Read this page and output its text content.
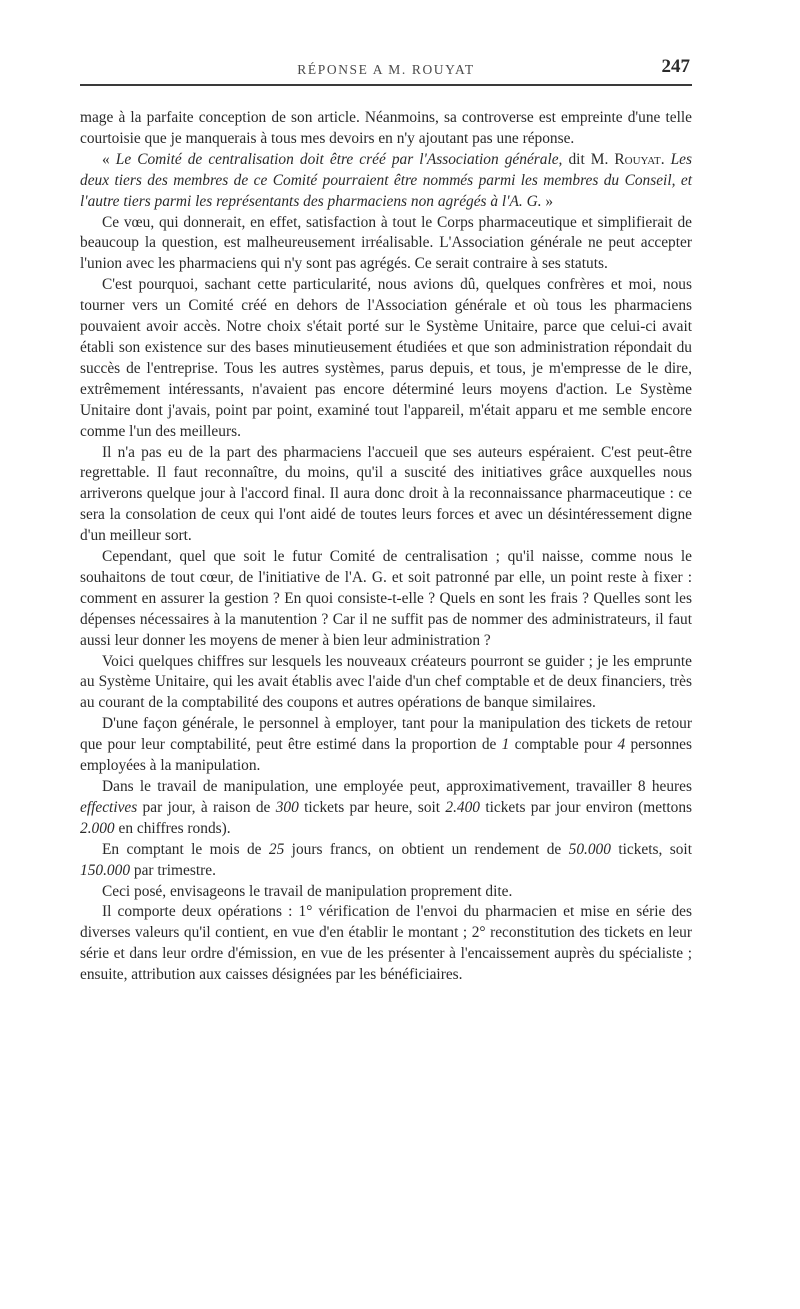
RÉPONSE A M. ROUYAT	247

mage à la parfaite conception de son article. Néanmoins, sa controverse est empreinte d'une telle courtoisie que je manquerais à tous mes devoirs en n'y ajoutant pas une réponse.

« Le Comité de centralisation doit être créé par l'Association générale, dit M. Rouyat. Les deux tiers des membres de ce Comité pourraient être nommés parmi les membres du Conseil, et l'autre tiers parmi les représentants des pharmaciens non agrégés à l'A. G. »

Ce vœu, qui donnerait, en effet, satisfaction à tout le Corps pharmaceutique et simplifierait de beaucoup la question, est malheureusement irréalisable. L'Association générale ne peut accepter l'union avec les pharmaciens qui n'y sont pas agrégés. Ce serait contraire à ses statuts.

C'est pourquoi, sachant cette particularité, nous avions dû, quelques confrères et moi, nous tourner vers un Comité créé en dehors de l'Association générale et où tous les pharmaciens pouvaient avoir accès. Notre choix s'était porté sur le Système Unitaire, parce que celui-ci avait établi son existence sur des bases minutieusement étudiées et que son administration répondait du succès de l'entreprise. Tous les autres systèmes, parus depuis, et tous, je m'empresse de le dire, extrêmement intéressants, n'avaient pas encore déterminé leurs moyens d'action. Le Système Unitaire dont j'avais, point par point, examiné tout l'appareil, m'était apparu et me semble encore comme l'un des meilleurs.

Il n'a pas eu de la part des pharmaciens l'accueil que ses auteurs espéraient. C'est peut-être regrettable. Il faut reconnaître, du moins, qu'il a suscité des initiatives grâce auxquelles nous arriverons quelque jour à l'accord final. Il aura donc droit à la reconnaissance pharmaceutique : ce sera la consolation de ceux qui l'ont aidé de toutes leurs forces et avec un désintéressement digne d'un meilleur sort.

Cependant, quel que soit le futur Comité de centralisation ; qu'il naisse, comme nous le souhaitons de tout cœur, de l'initiative de l'A. G. et soit patronné par elle, un point reste à fixer : comment en assurer la gestion ? En quoi consiste-t-elle ? Quels en sont les frais ? Quelles sont les dépenses nécessaires à la manutention ? Car il ne suffit pas de nommer des administrateurs, il faut aussi leur donner les moyens de mener à bien leur administration ?

Voici quelques chiffres sur lesquels les nouveaux créateurs pourront se guider ; je les emprunte au Système Unitaire, qui les avait établis avec l'aide d'un chef comptable et de deux financiers, très au courant de la comptabilité des coupons et autres opérations de banque similaires.

D'une façon générale, le personnel à employer, tant pour la manipulation des tickets de retour que pour leur comptabilité, peut être estimé dans la proportion de 1 comptable pour 4 personnes employées à la manipulation.

Dans le travail de manipulation, une employée peut, approximativement, travailler 8 heures effectives par jour, à raison de 300 tickets par heure, soit 2.400 tickets par jour environ (mettons 2.000 en chiffres ronds).

En comptant le mois de 25 jours francs, on obtient un rendement de 50.000 tickets, soit 150.000 par trimestre.

Ceci posé, envisageons le travail de manipulation proprement dite.

Il comporte deux opérations : 1° vérification de l'envoi du pharmacien et mise en série des diverses valeurs qu'il contient, en vue d'en établir le montant ; 2° reconstitution des tickets en leur série et dans leur ordre d'émission, en vue de les présenter à l'encaissement auprès du spécialiste ; ensuite, attribution aux caisses désignées par les bénéficiaires.
